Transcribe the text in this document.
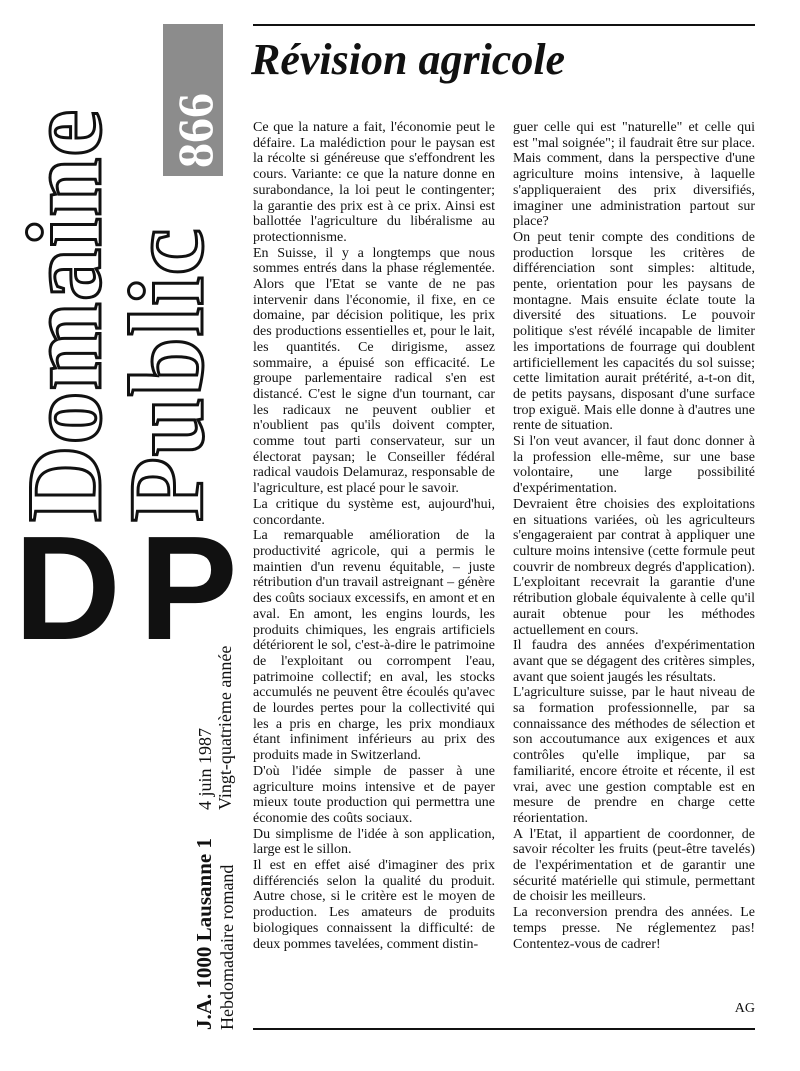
Domaine
Public
866
DP
J.A. 1000 Lausanne 1 Hebdomadaire romand
4 juin 1987 Vingt-quatrième année
Révision agricole

Ce que la nature a fait, l'économie peut le défaire. La malédiction pour le paysan est la récolte si généreuse que s'effondrent les cours. Variante: ce que la nature donne en surabondance, la loi peut le contingenter; la garantie des prix est à ce prix. Ainsi est ballottée l'agriculture du libéralisme au protectionnisme.

En Suisse, il y a longtemps que nous sommes entrés dans la phase réglementée. Alors que l'Etat se vante de ne pas intervenir dans l'économie, il fixe, en ce domaine, par décision politique, les prix des productions essentielles et, pour le lait, les quantités. Ce dirigisme, assez sommaire, a épuisé son efficacité. Le groupe parlementaire radical s'en est distancé. C'est le signe d'un tournant, car les radicaux ne peuvent oublier et n'oublient pas qu'ils doivent compter, comme tout parti conservateur, sur un électorat paysan; le Conseiller fédéral radical vaudois Delamuraz, responsable de l'agriculture, est placé pour le savoir.

La critique du système est, aujourd'hui, concordante.

La remarquable amélioration de la productivité agricole, qui a permis le maintien d'un revenu équitable, – juste rétribution d'un travail astreignant – génère des coûts sociaux excessifs, en amont et en aval. En amont, les engins lourds, les produits chimiques, les engrais artificiels détériorent le sol, c'est-à-dire le patrimoine de l'exploitant ou corrompent l'eau, patrimoine collectif; en aval, les stocks accumulés ne peuvent être écoulés qu'avec de lourdes pertes pour la collectivité qui les a pris en charge, les prix mondiaux étant infiniment inférieurs au prix des produits made in Switzerland.

D'où l'idée simple de passer à une agriculture moins intensive et de payer mieux toute production qui permettra une économie des coûts sociaux.

Du simplisme de l'idée à son application, large est le sillon.

Il est en effet aisé d'imaginer des prix différenciés selon la qualité du produit. Autre chose, si le critère est le moyen de production. Les amateurs de produits biologiques connaissent la difficulté: de deux pommes tavelées, comment distin-

guer celle qui est "naturelle" et celle qui est "mal soignée"; il faudrait être sur place. Mais comment, dans la perspective d'une agriculture moins intensive, à laquelle s'appliqueraient des prix diversifiés, imaginer une administration partout sur place?

On peut tenir compte des conditions de production lorsque les critères de différenciation sont simples: altitude, pente, orientation pour les paysans de montagne. Mais ensuite éclate toute la diversité des situations. Le pouvoir politique s'est révélé incapable de limiter les importations de fourrage qui doublent artificiellement les capacités du sol suisse; cette limitation aurait prétérité, a-t-on dit, de petits paysans, disposant d'une surface trop exiguë. Mais elle donne à d'autres une rente de situation.

Si l'on veut avancer, il faut donc donner à la profession elle-même, sur une base volontaire, une large possibilité d'expérimentation.

Devraient être choisies des exploitations en situations variées, où les agriculteurs s'engageraient par contrat à appliquer une culture moins intensive (cette formule peut couvrir de nombreux degrés d'application). L'exploitant recevrait la garantie d'une rétribution globale équivalente à celle qu'il aurait obtenue pour les méthodes actuellement en cours.

Il faudra des années d'expérimentation avant que se dégagent des critères simples, avant que soient jaugés les résultats.

L'agriculture suisse, par le haut niveau de sa formation professionnelle, par sa connaissance des méthodes de sélection et son accoutumance aux exigences et aux contrôles qu'elle implique, par sa familiarité, encore étroite et récente, il est vrai, avec une gestion comptable est en mesure de prendre en charge cette réorientation.

A l'Etat, il appartient de coordonner, de savoir récolter les fruits (peut-être tavelés) de l'expérimentation et de garantir une sécurité matérielle qui stimule, permettant de choisir les meilleurs.

La reconversion prendra des années. Le temps presse. Ne réglementez pas! Contentez-vous de cadrer!

AG
